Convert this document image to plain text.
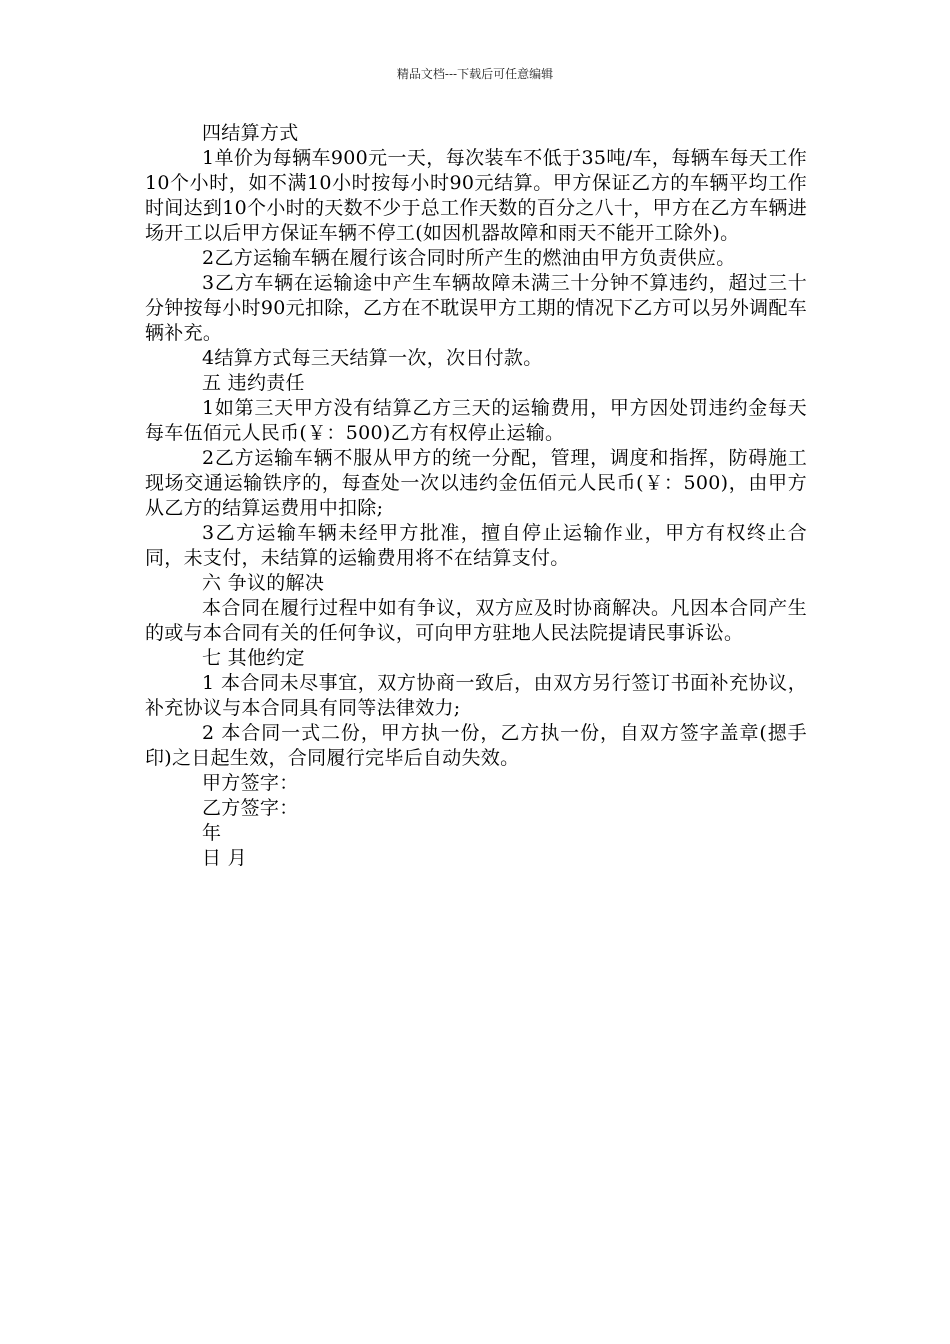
精品文档---下载后可任意编辑

四结算方式

1单价为每辆车900元一天，每次装车不低于35吨/车，每辆车每天工作10个小时，如不满10小时按每小时90元结算。甲方保证乙方的车辆平均工作时间达到10个小时的天数不少于总工作天数的百分之八十，甲方在乙方车辆进场开工以后甲方保证车辆不停工(如因机器故障和雨天不能开工除外)。

2乙方运输车辆在履行该合同时所产生的燃油由甲方负责供应。

3乙方车辆在运输途中产生车辆故障未满三十分钟不算违约，超过三十分钟按每小时90元扣除，乙方在不耽误甲方工期的情况下乙方可以另外调配车辆补充。

4结算方式每三天结算一次，次日付款。

五 违约责任

1如第三天甲方没有结算乙方三天的运输费用，甲方因处罚违约金每天每车伍佰元人民币(￥：500)乙方有权停止运输。

2乙方运输车辆不服从甲方的统一分配，管理，调度和指挥，防碍施工现场交通运输铁序的，每查处一次以违约金伍佰元人民币(￥：500)，由甲方从乙方的结算运费用中扣除;

3乙方运输车辆未经甲方批准，擅自停止运输作业，甲方有权终止合同，未支付，未结算的运输费用将不在结算支付。

六 争议的解决

本合同在履行过程中如有争议，双方应及时协商解决。凡因本合同产生的或与本合同有关的任何争议，可向甲方驻地人民法院提请民事诉讼。

七 其他约定

1 本合同未尽事宜，双方协商一致后，由双方另行签订书面补充协议，补充协议与本合同具有同等法律效力;

2 本合同一式二份，甲方执一份，乙方执一份，自双方签字盖章(摁手印)之日起生效，合同履行完毕后自动失效。

甲方签字：

乙方签字：

年

日 月
